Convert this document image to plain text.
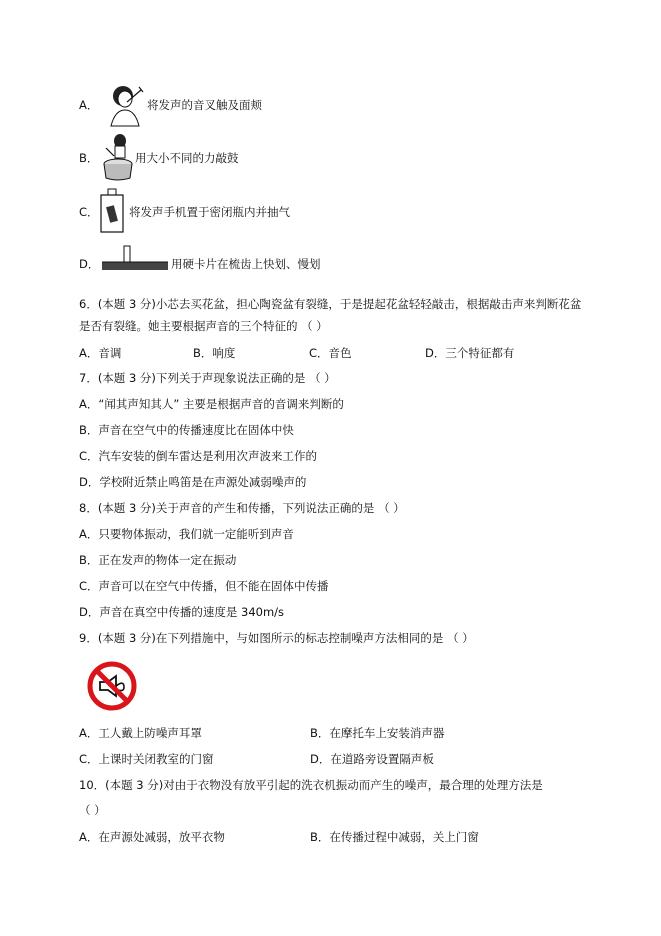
A．	将发声的音叉触及面颊
B．	用大小不同的力敲鼓
C．	将发声手机置于密闭瓶内并抽气
D．	用硬卡片在梳齿上快划、慢划
6．(本题 3 分)小芯去买花盆，担心陶瓷盆有裂缝，于是提起花盆轻轻敲击，根据敲击声来判断花盆
是否有裂缝。她主要根据声音的三个特征的 （ ）
A．音调	B．响度	C．音色	D．三个特征都有
7．(本题 3 分)下列关于声现象说法正确的是 （ ）
A．“闻其声知其人” 主要是根据声音的音调来判断的
B．声音在空气中的传播速度比在固体中快
C．汽车安装的倒车雷达是利用次声波来工作的
D．学校附近禁止鸣笛是在声源处减弱噪声的
8．(本题 3 分)关于声音的产生和传播，下列说法正确的是 （ ）
A．只要物体振动，我们就一定能听到声音
B．正在发声的物体一定在振动
C．声音可以在空气中传播，但不能在固体中传播
D．声音在真空中传播的速度是 340m/s
9．(本题 3 分)在下列措施中，与如图所示的标志控制噪声方法相同的是 （ ）
A．工人戴上防噪声耳罩	B．在摩托车上安装消声器
C．上课时关闭教室的门窗	D．在道路旁设置隔声板
10．(本题 3 分)对由于衣物没有放平引起的洗衣机振动而产生的噪声，最合理的处理方法是
（ ）
A．在声源处减弱，放平衣物	B．在传播过程中减弱，关上门窗
